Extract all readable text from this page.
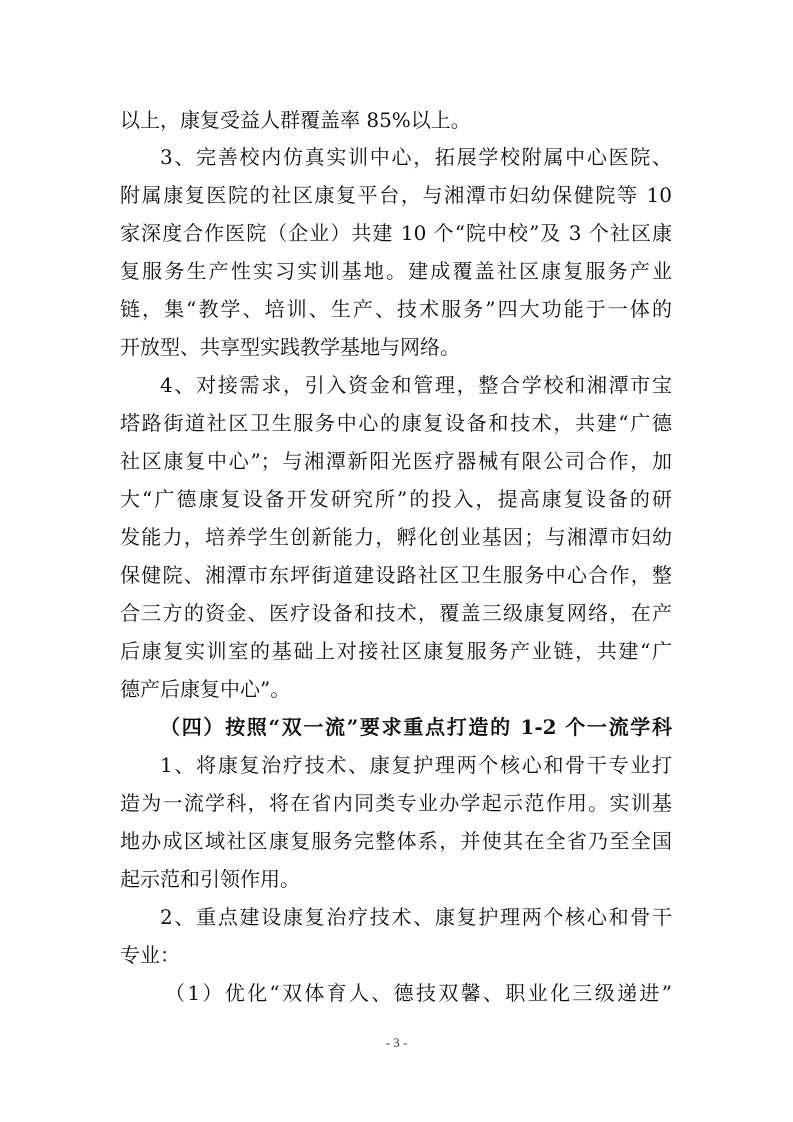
以上，康复受益人群覆盖率 85%以上。
3、完善校内仿真实训中心，拓展学校附属中心医院、
附属康复医院的社区康复平台，与湘潭市妇幼保健院等 10
家深度合作医院（企业）共建 10 个“院中校”及 3 个社区康
复服务生产性实习实训基地。建成覆盖社区康复服务产业
链，集“教学、培训、生产、技术服务”四大功能于一体的
开放型、共享型实践教学基地与网络。
4、对接需求，引入资金和管理，整合学校和湘潭市宝
塔路街道社区卫生服务中心的康复设备和技术，共建“广德
社区康复中心”；与湘潭新阳光医疗器械有限公司合作，加
大“广德康复设备开发研究所”的投入，提高康复设备的研
发能力，培养学生创新能力，孵化创业基因；与湘潭市妇幼
保健院、湘潭市东坪街道建设路社区卫生服务中心合作，整
合三方的资金、医疗设备和技术，覆盖三级康复网络，在产
后康复实训室的基础上对接社区康复服务产业链，共建“广
德产后康复中心”。
（四）按照“双一流”要求重点打造的 1-2 个一流学科
1、将康复治疗技术、康复护理两个核心和骨干专业打
造为一流学科，将在省内同类专业办学起示范作用。实训基
地办成区域社区康复服务完整体系，并使其在全省乃至全国
起示范和引领作用。
2、重点建设康复治疗技术、康复护理两个核心和骨干
专业：
（1）优化“双体育人、德技双馨、职业化三级递进”
- 3 -
